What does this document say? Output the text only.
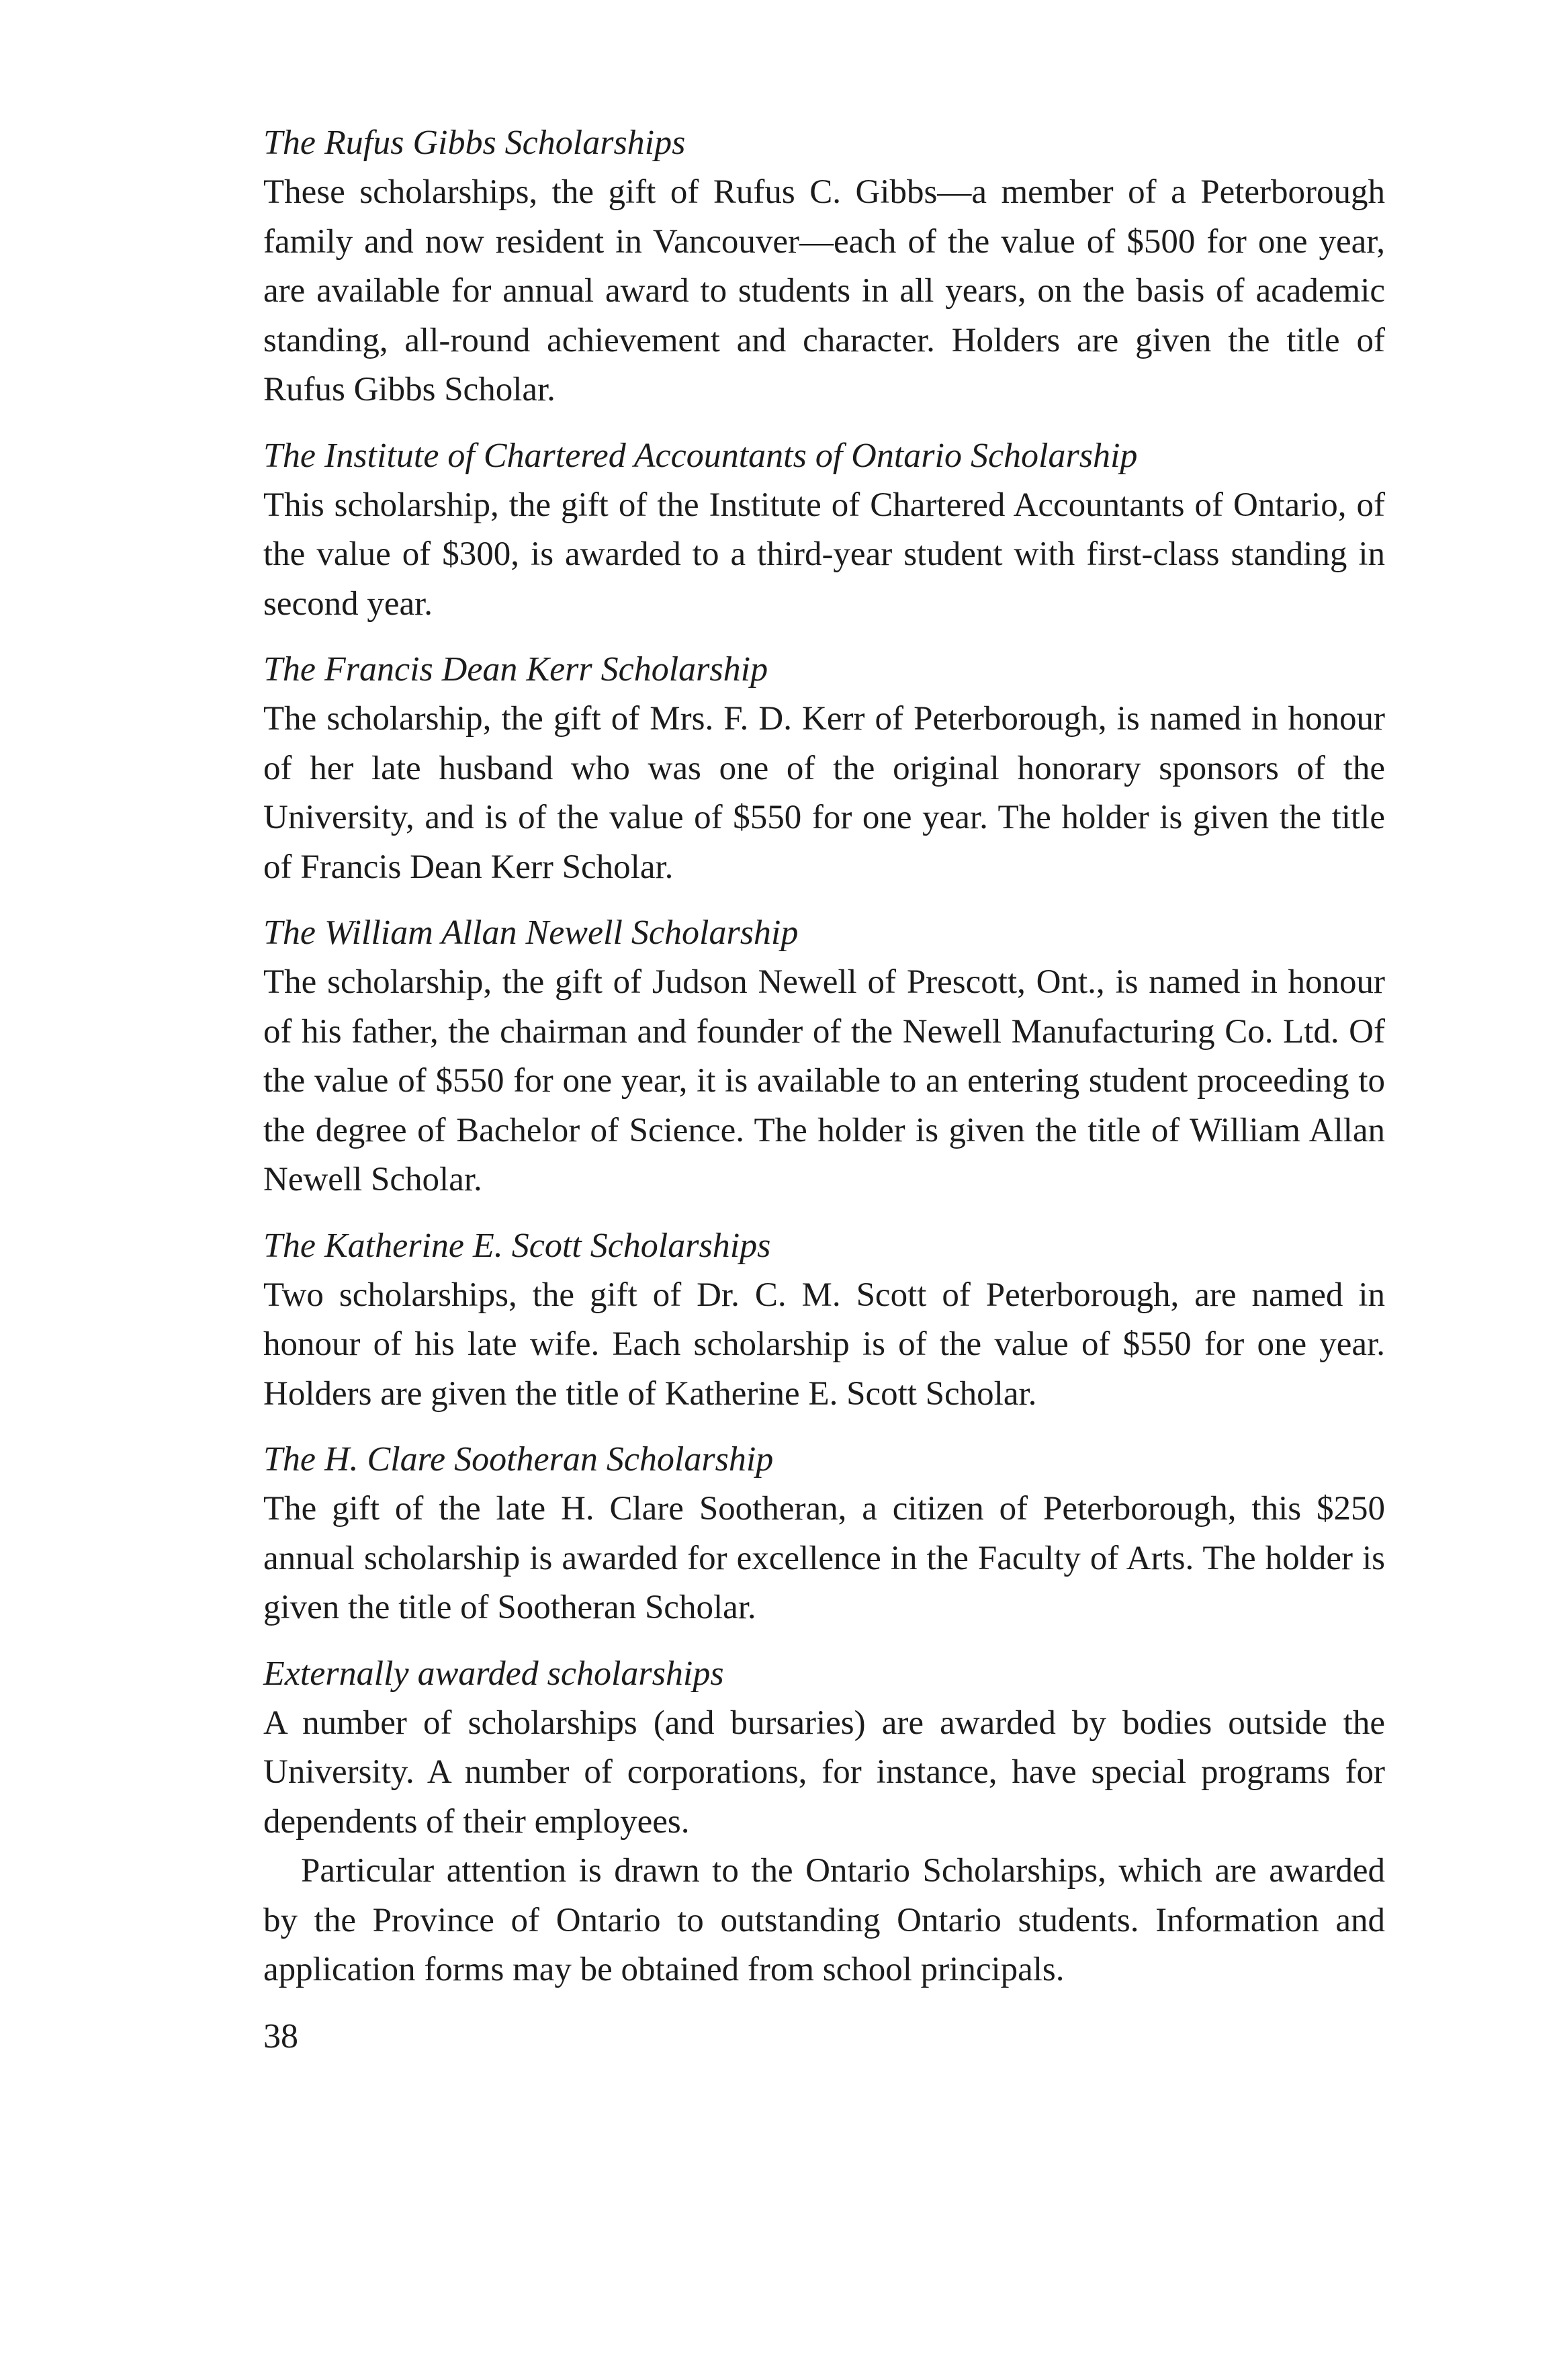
The Rufus Gibbs Scholarships

These scholarships, the gift of Rufus C. Gibbs—a member of a Peterborough family and now resident in Vancouver—each of the value of $500 for one year, are available for annual award to students in all years, on the basis of academic standing, all-round achievement and character. Holders are given the title of Rufus Gibbs Scholar.

The Institute of Chartered Accountants of Ontario Scholarship

This scholarship, the gift of the Institute of Chartered Accountants of Ontario, of the value of $300, is awarded to a third-year student with first-class standing in second year.

The Francis Dean Kerr Scholarship

The scholarship, the gift of Mrs. F. D. Kerr of Peterborough, is named in honour of her late husband who was one of the original honorary sponsors of the University, and is of the value of $550 for one year. The holder is given the title of Francis Dean Kerr Scholar.

The William Allan Newell Scholarship

The scholarship, the gift of Judson Newell of Prescott, Ont., is named in honour of his father, the chairman and founder of the Newell Manufacturing Co. Ltd. Of the value of $550 for one year, it is available to an entering student proceeding to the degree of Bachelor of Science. The holder is given the title of William Allan Newell Scholar.

The Katherine E. Scott Scholarships

Two scholarships, the gift of Dr. C. M. Scott of Peterborough, are named in honour of his late wife. Each scholarship is of the value of $550 for one year. Holders are given the title of Katherine E. Scott Scholar.

The H. Clare Sootheran Scholarship

The gift of the late H. Clare Sootheran, a citizen of Peterborough, this $250 annual scholarship is awarded for excellence in the Faculty of Arts. The holder is given the title of Sootheran Scholar.

Externally awarded scholarships

A number of scholarships (and bursaries) are awarded by bodies outside the University. A number of corporations, for instance, have special programs for dependents of their employees.

Particular attention is drawn to the Ontario Scholarships, which are awarded by the Province of Ontario to outstanding Ontario students. Information and application forms may be obtained from school principals.

38
